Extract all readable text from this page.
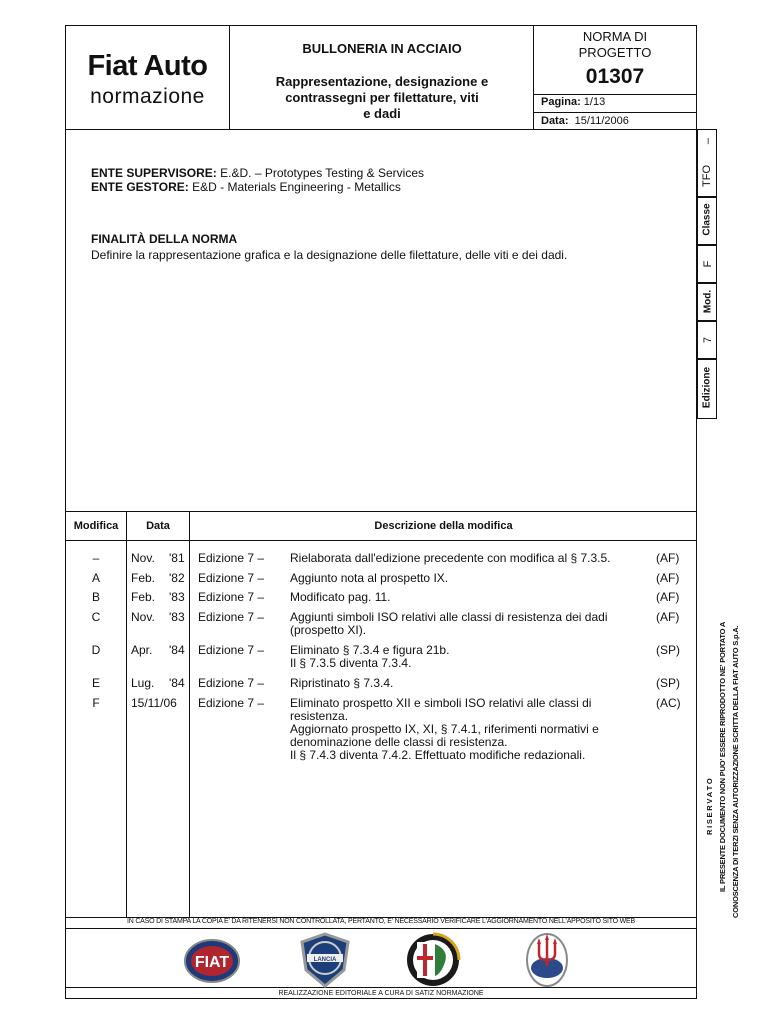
Fiat Auto
normazione
BULLONERIA IN ACCIAIO
Rappresentazione, designazione e
contrassegni per filettature, viti
e dadi
NORMA DI
PROGETTO
01307
Pagina: 1/13
Data: 15/11/2006
–
TFO
Classe
F
Mod.
7
Edizione
ENTE SUPERVISORE: E.&D. – Prototypes Testing & Services
ENTE GESTORE: E&D - Materials Engineering - Metallics
FINALITÀ DELLA NORMA
Definire la rappresentazione grafica e la designazione delle filettature, delle viti e dei dadi.
Modifica	Data	Descrizione della modifica
–	Nov. '81 Edizione 7 – Rielaborata dall'edizione precedente con modifica al § 7.3.5.	(AF)
A	Feb. '82 Edizione 7 – Aggiunto nota al prospetto IX.	(AF)
B	Feb. '83 Edizione 7 – Modificato pag. 11.	(AF)
C	Nov. '83 Edizione 7 – Aggiunti simboli ISO relativi alle classi di resistenza dei dadi
(prospetto XI).
(AF)
D	Apr. '84 Edizione 7 – Eliminato § 7.3.4 e figura 21b.
Il § 7.3.5 diventa 7.3.4.
(SP)
E	Lug. '84 Edizione 7 – Ripristinato § 7.3.4.	(SP)
F	15/11/06 Edizione 7 – Eliminato prospetto XII e simboli ISO relativi alle classi di
resistenza.
Aggiornato prospetto IX, XI, § 7.4.1, riferimenti normativi e
denominazione delle classi di resistenza.
Il § 7.4.3 diventa 7.4.2. Effettuato modifiche redazionali.
(AC)
IN CASO DI STAMPA LA COPIA E' DA RITENERSI NON CONTROLLATA, PERTANTO, E' NECESSARIO VERIFICARE L'AGGIORNAMENTO NELL'APPOSITO SITO WEB
REALIZZAZIONE EDITORIALE A CURA DI SATIZ NORMAZIONE
FIAT	LANCIA
R I S E R V A T O IL PRESENTE DOCUMENTO NON PUO' ESSERE RIPRODOTTO NE' PORTATO A CONOSCENZA DI TERZI SENZA AUTORIZZAZIONE SCRITTA DELLA FIAT AUTO S.p.A.
